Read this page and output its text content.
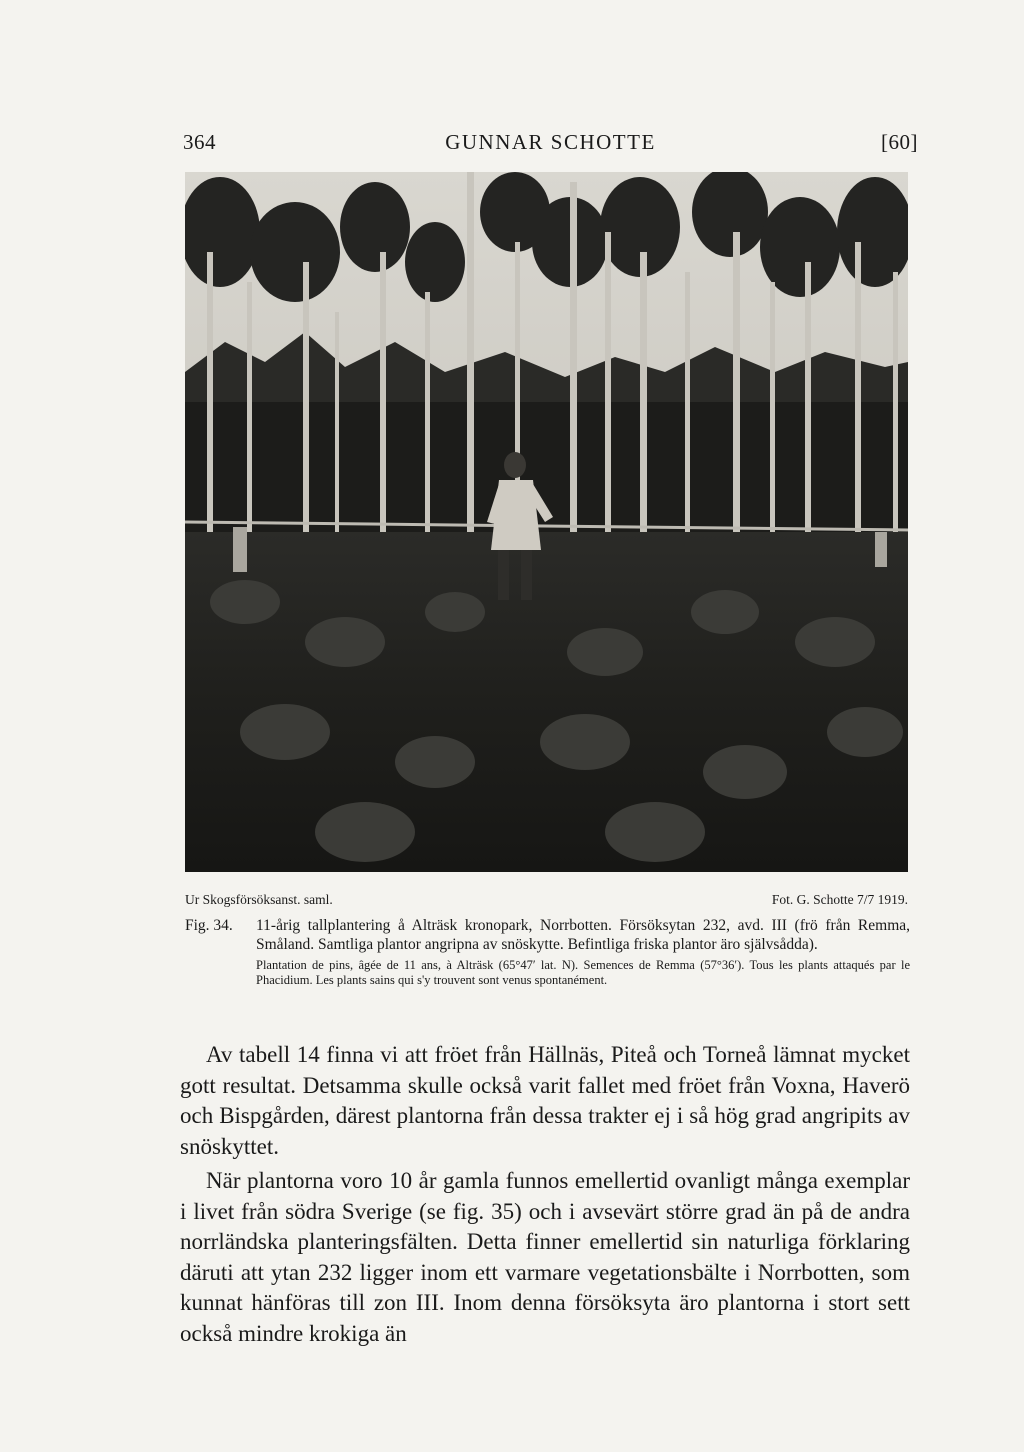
364	GUNNAR SCHOTTE	[60]
Ur Skogsförsöksanst. saml.	Fot. G. Schotte 7/7 1919.
Fig. 34. 11-årig tallplantering å Alträsk kronopark, Norrbotten. Försöksytan 232, avd. III (frö från Remma, Småland. Samtliga plantor angripna av snöskytte. Befintliga friska plantor äro självsådda).
Plantation de pins, âgée de 11 ans, à Alträsk (65°47′ lat. N). Semences de Remma (57°36′). Tous les plants attaqués par le Phacidium. Les plants sains qui s'y trouvent sont venus spontanément.

Av tabell 14 finna vi att fröet från Hällnäs, Piteå och Torneå lämnat mycket gott resultat. Detsamma skulle också varit fallet med fröet från Voxna, Haverö och Bispgården, därest plantorna från dessa trakter ej i så hög grad angripits av snöskyttet.

När plantorna voro 10 år gamla funnos emellertid ovanligt många exemplar i livet från södra Sverige (se fig. 35) och i avsevärt större grad än på de andra norrländska planteringsfälten. Detta finner emellertid sin naturliga förklaring däruti att ytan 232 ligger inom ett varmare vegetationsbälte i Norrbotten, som kunnat hänföras till zon III. Inom denna försöksyta äro plantorna i stort sett också mindre krokiga än
